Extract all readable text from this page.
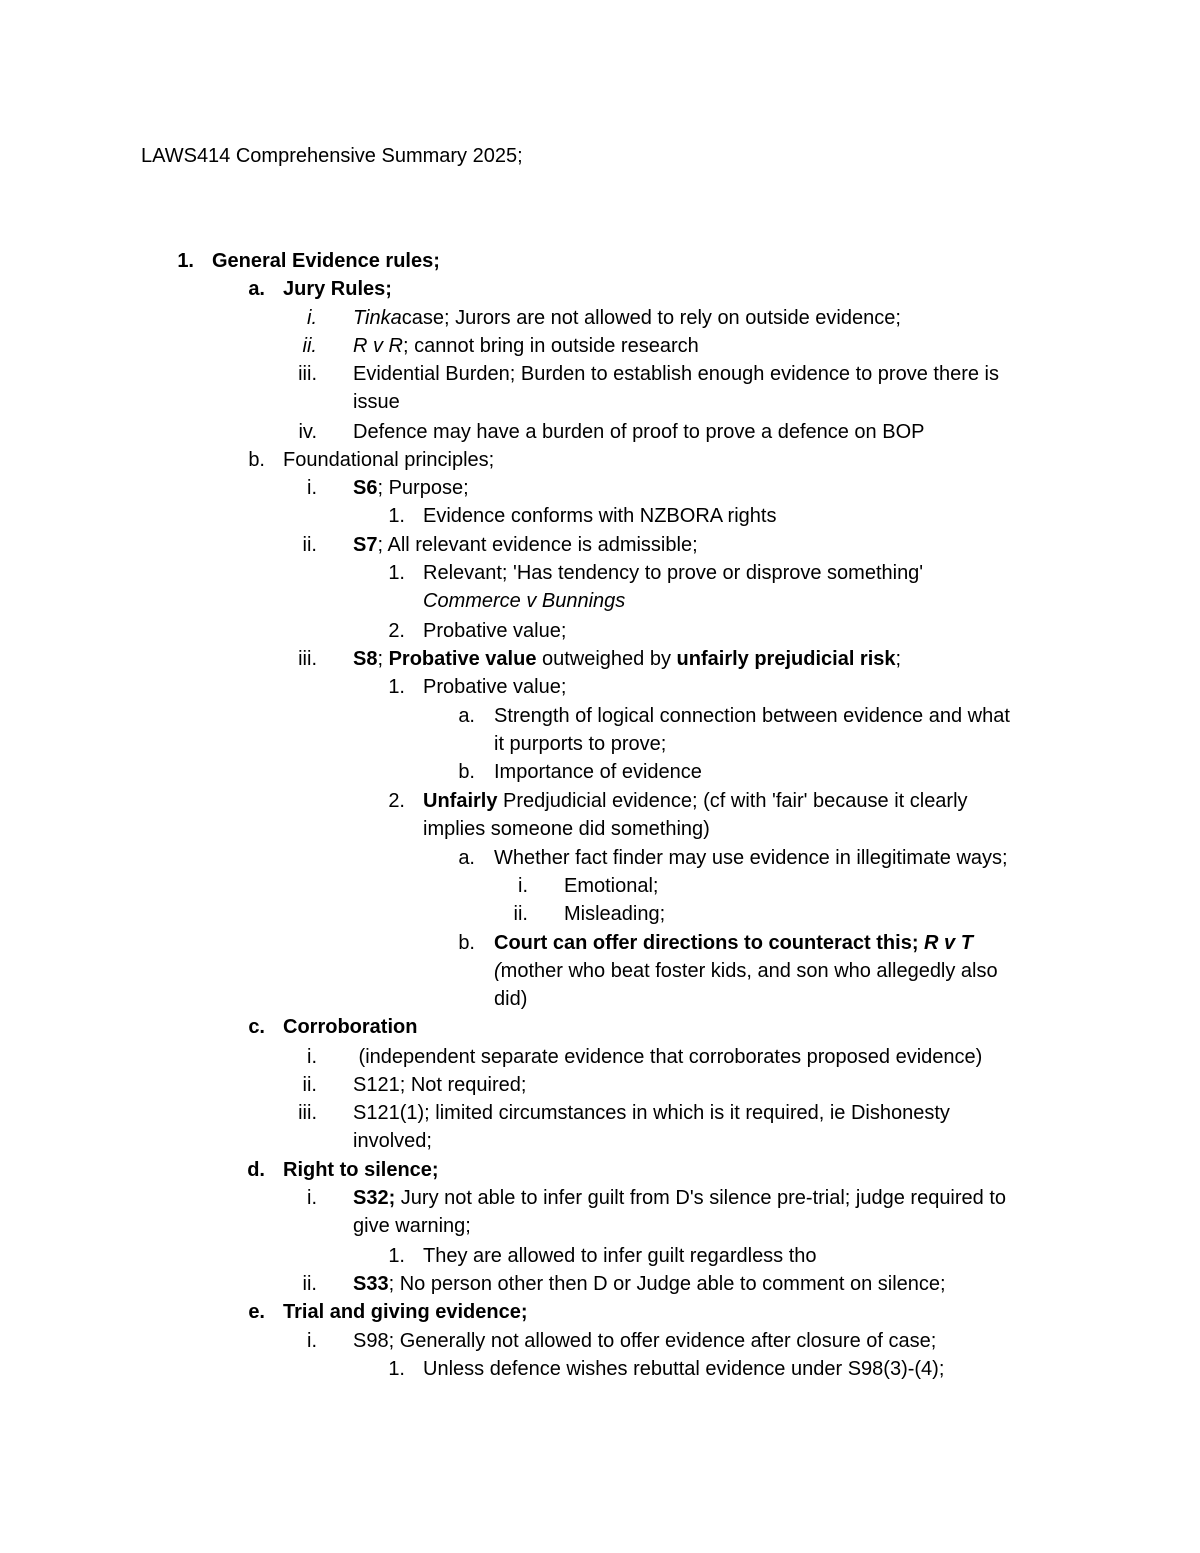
LAWS414 Comprehensive Summary 2025;
1. General Evidence rules;
a. Jury Rules;
i. Tinkacase; Jurors are not allowed to rely on outside evidence;
ii. R v R; cannot bring in outside research
iii. Evidential Burden; Burden to establish enough evidence to prove there is
issue
iv. Defence may have a burden of proof to prove a defence on BOP
b. Foundational principles;
i. S6; Purpose;
1. Evidence conforms with NZBORA rights
ii. S7; All relevant evidence is admissible;
1. Relevant; 'Has tendency to prove or disprove something'
Commerce v Bunnings
2. Probative value;
iii. S8; Probative value outweighed by unfairly prejudicial risk;
1. Probative value;
a. Strength of logical connection between evidence and what
it purports to prove;
b. Importance of evidence
2. Unfairly Predjudicial evidence; (cf with 'fair' because it clearly
implies someone did something)
a. Whether fact finder may use evidence in illegitimate ways;
i. Emotional;
ii. Misleading;
b. Court can offer directions to counteract this; R v T
(mother who beat foster kids, and son who allegedly also
did)
c. Corroboration
i. (independent separate evidence that corroborates proposed evidence)
ii. S121; Not required;
iii. S121(1); limited circumstances in which is it required, ie Dishonesty
involved;
d. Right to silence;
i. S32; Jury not able to infer guilt from D's silence pre-trial; judge required to
give warning;
1. They are allowed to infer guilt regardless tho
ii. S33; No person other then D or Judge able to comment on silence;
e. Trial and giving evidence;
i. S98; Generally not allowed to offer evidence after closure of case;
1. Unless defence wishes rebuttal evidence under S98(3)-(4);
